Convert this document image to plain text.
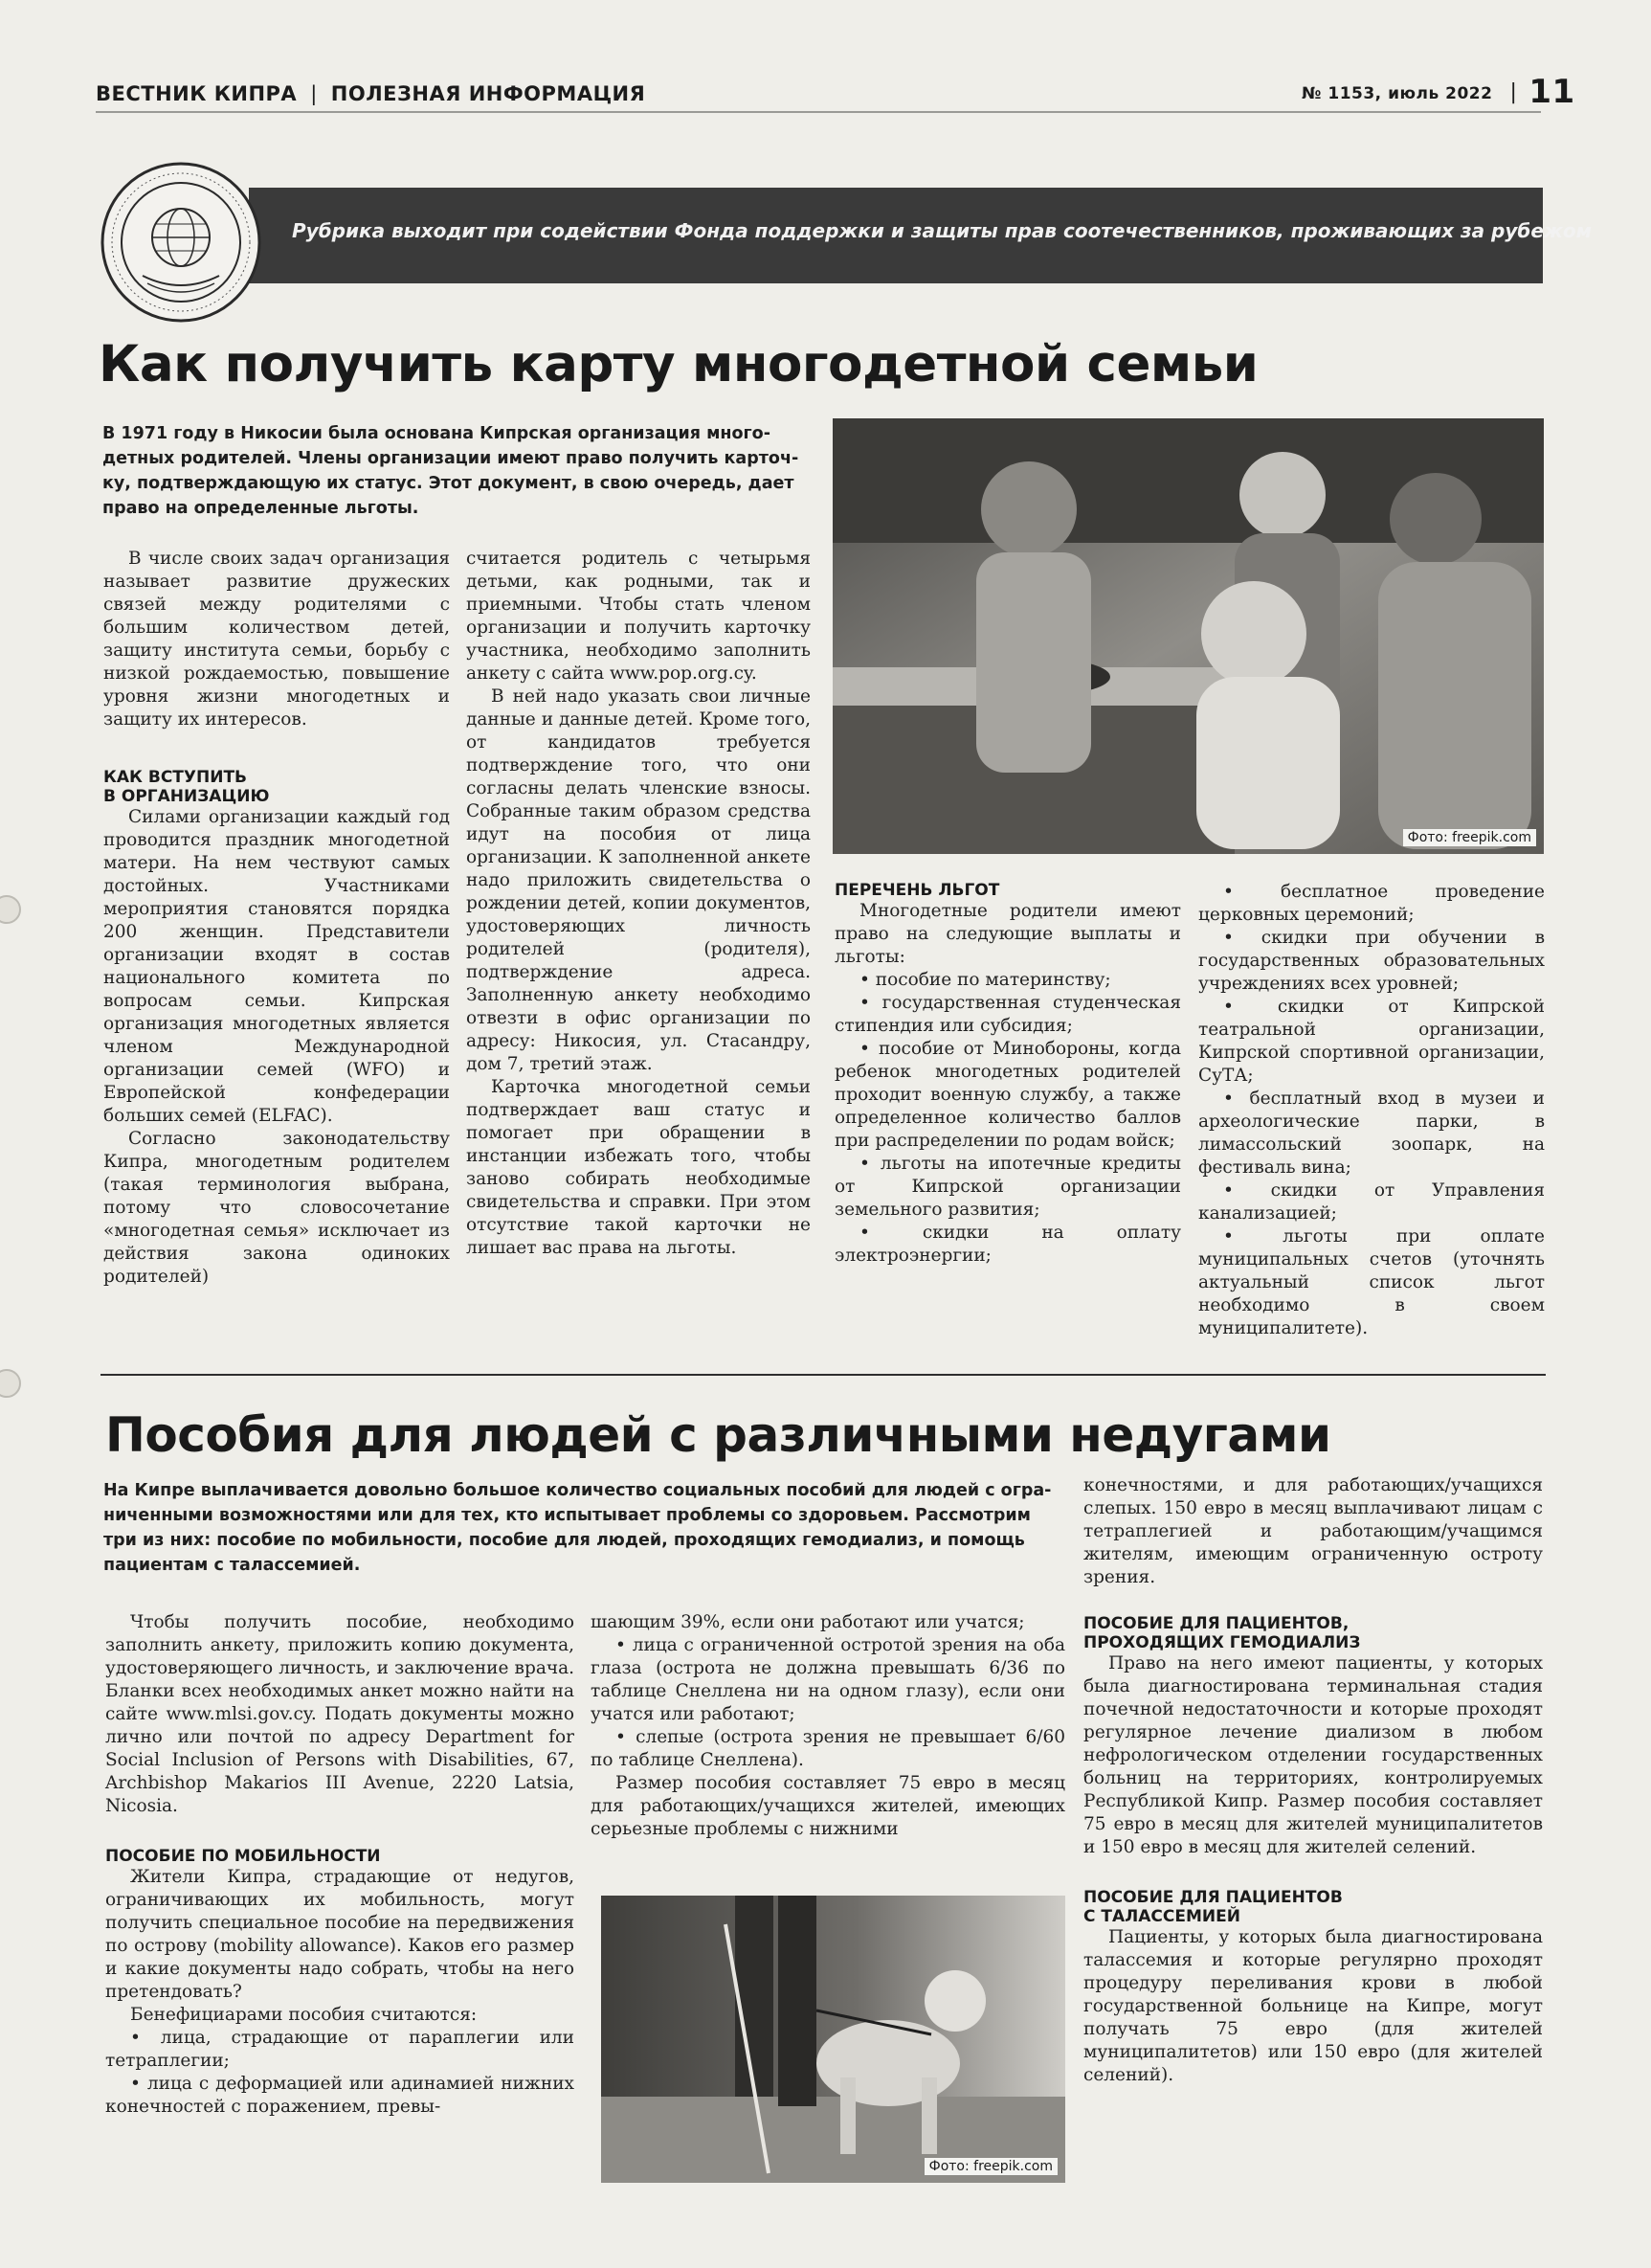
ВЕСТНИК КИПРА | ПОЛЕЗНАЯ ИНФОРМАЦИЯ	№ 1153, июль 2022 | 11
Рубрика выходит при содействии Фонда поддержки и защиты прав соотечественников, проживающих за рубежом
Как получить карту многодетной семьи

В 1971 году в Никосии была основана Кипрская организация много-

детных родителей. Члены организации имеют право получить карточ-

ку, подтверждающую их статус. Этот документ, в свою очередь, дает

право на определенные льготы.

В числе своих задач организация называет развитие дружеских связей между родителями с большим количеством детей, защиту института семьи, борьбу с низкой рождаемостью, повышение уровня жизни многодетных и защиту их интересов.

КАК ВСТУПИТЬ
В ОРГАНИЗАЦИЮ

Силами организации каждый год проводится праздник многодетной матери. На нем чествуют самых достойных. Участниками мероприятия становятся порядка 200 женщин. Представители организации входят в состав национального комитета по вопросам семьи. Кипрская организация многодетных является членом Международной организации семей (WFO) и Европейской конфедерации больших семей (ELFAC).

Согласно законодательству Кипра, многодетным родителем (такая терминология выбрана, потому что словосочетание «многодетная семья» исключает из действия закона одиноких родителей)

считается родитель с четырьмя детьми, как родными, так и приемными. Чтобы стать членом организации и получить карточку участника, необходимо заполнить анкету с сайта www.pop.org.cy.

В ней надо указать свои личные данные и данные детей. Кроме того, от кандидатов требуется подтверждение того, что они согласны делать членские взносы. Собранные таким образом средства идут на пособия от лица организации. К заполненной анкете надо приложить свидетельства о рождении детей, копии документов, удостоверяющих личность родителей (родителя), подтверждение адреса. Заполненную анкету необходимо отвезти в офис организации по адресу: Никосия, ул. Стасандру, дом 7, третий этаж.

Карточка многодетной семьи подтверждает ваш статус и помогает при обращении в инстанции избежать того, чтобы заново собирать необходимые свидетельства и справки. При этом отсутствие такой карточки не лишает вас права на льготы.

Фото: freepik.com
ПЕРЕЧЕНЬ ЛЬГОТ

Многодетные родители имеют право на следующие выплаты и льготы:

• пособие по материнству;

• государственная студенческая стипендия или субсидия;

• пособие от Минобороны, когда ребенок многодетных родителей проходит военную службу, а также определенное количество баллов при распределении по родам войск;

• льготы на ипотечные кредиты от Кипрской организации земельного развития;

• скидки на оплату электроэнергии;

• бесплатное проведение церковных церемоний;

• скидки при обучении в государственных образовательных учреждениях всех уровней;

• скидки от Кипрской театральной организации, Кипрской спортивной организации, СуТА;

• бесплатный вход в музеи и археологические парки, в лимассольский зоопарк, на фестиваль вина;

• скидки от Управления канализацией;

• льготы при оплате муниципальных счетов (уточнять актуальный список льгот необходимо в своем муниципалитете).

Пособия для людей с различными недугами

На Кипре выплачивается довольно большое количество социальных пособий для людей с огра-

ниченными возможностями или для тех, кто испытывает проблемы со здоровьем. Рассмотрим

три из них: пособие по мобильности, пособие для людей, проходящих гемодиализ, и помощь

пациентам с талассемией.

Чтобы получить пособие, необходимо заполнить анкету, приложить копию документа, удостоверяющего личность, и заключение врача. Бланки всех необходимых анкет можно найти на сайте www.mlsi.gov.cy. Подать документы можно лично или почтой по адресу Department for Social Inclusion of Persons with Disabilities, 67, Archbishop Makarios III Avenue, 2220 Latsia, Nicosia.

ПОСОБИЕ ПО МОБИЛЬНОСТИ

Жители Кипра, страдающие от недугов, ограничивающих их мобильность, могут получить специальное пособие на передвижения по острову (mobility allowance). Каков его размер и какие документы надо собрать, чтобы на него претендовать?

Бенефициарами пособия считаются:

• лица, страдающие от параплегии или тетраплегии;

• лица с деформацией или адинамией нижних конечностей с поражением, превы-

шающим 39%, если они работают или учатся;

• лица с ограниченной остротой зрения на оба глаза (острота не должна превышать 6/36 по таблице Снеллена ни на одном глазу), если они учатся или работают;

• слепые (острота зрения не превышает 6/60 по таблице Снеллена).

Размер пособия составляет 75 евро в месяц для работающих/учащихся жителей, имеющих серьезные проблемы с нижними

Фото: freepik.com

конечностями, и для работающих/учащихся слепых. 150 евро в месяц выплачивают лицам с тетраплегией и работающим/учащимся жителям, имеющим ограниченную остроту зрения.

ПОСОБИЕ ДЛЯ ПАЦИЕНТОВ,
ПРОХОДЯЩИХ ГЕМОДИАЛИЗ

Право на него имеют пациенты, у которых была диагностирована терминальная стадия почечной недостаточности и которые проходят регулярное лечение диализом в любом нефрологическом отделении государственных больниц на территориях, контролируемых Республикой Кипр. Размер пособия составляет 75 евро в месяц для жителей муниципалитетов и 150 евро в месяц для жителей селений.

ПОСОБИЕ ДЛЯ ПАЦИЕНТОВ
С ТАЛАССЕМИЕЙ

Пациенты, у которых была диагностирована талассемия и которые регулярно проходят процедуру переливания крови в любой государственной больнице на Кипре, могут получать 75 евро (для жителей муниципалитетов) или 150 евро (для жителей селений).
